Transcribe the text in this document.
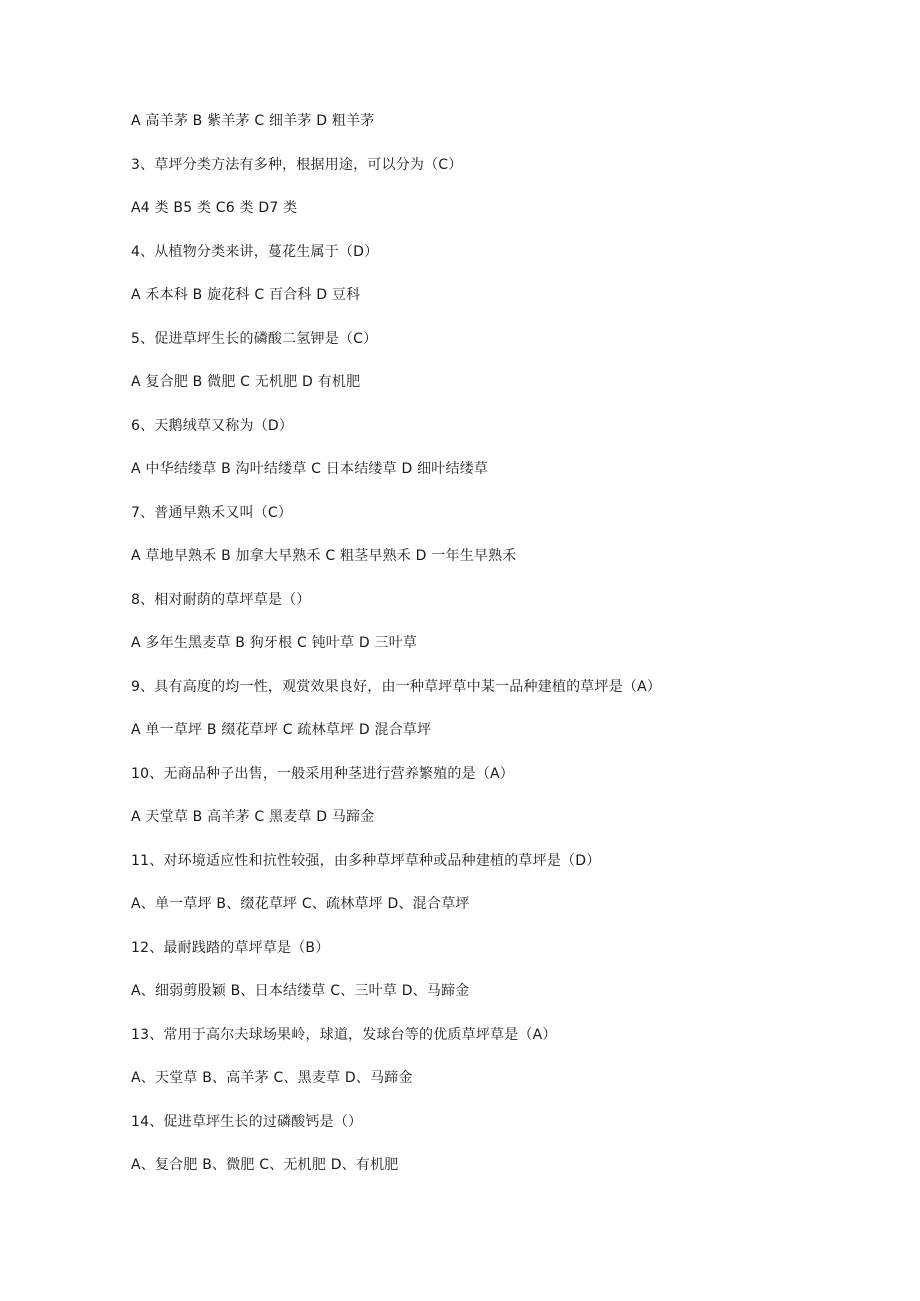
A 高羊茅 B 紫羊茅 C 细羊茅 D 粗羊茅
3、草坪分类方法有多种，根据用途，可以分为（C）
A4 类 B5 类 C6 类 D7 类
4、从植物分类来讲，蔓花生属于（D）
A 禾本科 B 旋花科 C 百合科 D 豆科
5、促进草坪生长的磷酸二氢钾是（C）
A 复合肥 B 微肥 C 无机肥 D 有机肥
6、天鹅绒草又称为（D）
A 中华结缕草 B 沟叶结缕草 C 日本结缕草 D 细叶结缕草
7、普通早熟禾又叫（C）
A 草地早熟禾 B 加拿大早熟禾 C 粗茎早熟禾 D 一年生早熟禾
8、相对耐荫的草坪草是（）
A 多年生黑麦草 B 狗牙根 C 钝叶草 D 三叶草
9、具有高度的均一性，观赏效果良好，由一种草坪草中某一品种建植的草坪是（A）
A 单一草坪 B 缀花草坪 C 疏林草坪 D 混合草坪
10、无商品种子出售，一般采用种茎进行营养繁殖的是（A）
A 天堂草 B 高羊茅 C 黑麦草 D 马蹄金
11、对环境适应性和抗性较强，由多种草坪草种或品种建植的草坪是（D）
A、单一草坪 B、缀花草坪 C、疏林草坪 D、混合草坪
12、最耐践踏的草坪草是（B）
A、细弱剪股颖 B、日本结缕草 C、三叶草 D、马蹄金
13、常用于高尔夫球场果岭，球道，发球台等的优质草坪草是（A）
A、天堂草 B、高羊茅 C、黑麦草 D、马蹄金
14、促进草坪生长的过磷酸钙是（）
A、复合肥 B、微肥 C、无机肥 D、有机肥
